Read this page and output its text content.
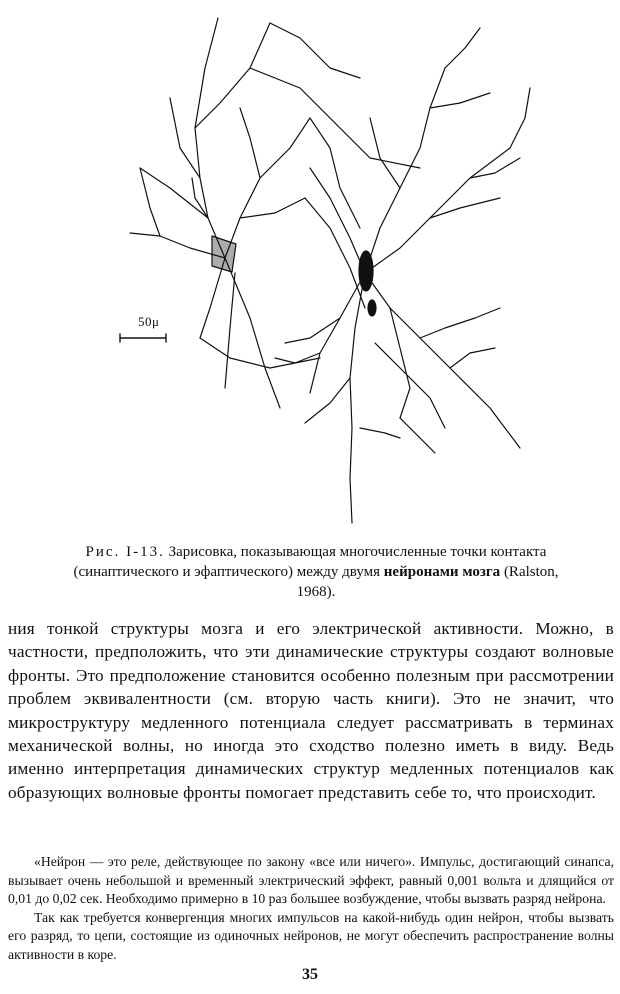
50μ
Рис. I-13. Зарисовка, показывающая многочисленные точки контакта (синаптического и эфаптического) между двумя нейронами мозга (Ralston, 1968).

ния тонкой структуры мозга и его электрической активности. Можно, в частности, предположить, что эти динамические структуры создают волновые фронты. Это предположение становится особенно полезным при рассмотрении проблем эквивалентности (см. вторую часть книги). Это не значит, что микроструктуру медленного потенциала следует рассматривать в терминах механической волны, но иногда это сходство полезно иметь в виду. Ведь именно интерпретация динамических структур медленных потенциалов как образующих волновые фронты помогает представить себе то, что происходит.

«Нейрон — это реле, действующее по закону «все или ничего». Импульс, достигающий синапса, вызывает очень небольшой и временный электрический эффект, равный 0,001 вольта и длящийся от 0,01 до 0,02 сек. Необходимо примерно в 10 раз большее возбуждение, чтобы вызвать разряд нейрона.

Так как требуется конвергенция многих импульсов на какой-нибудь один нейрон, чтобы вызвать его разряд, то цепи, состоящие из одиночных нейронов, не могут обеспечить распространение волны активности в коре.

35
